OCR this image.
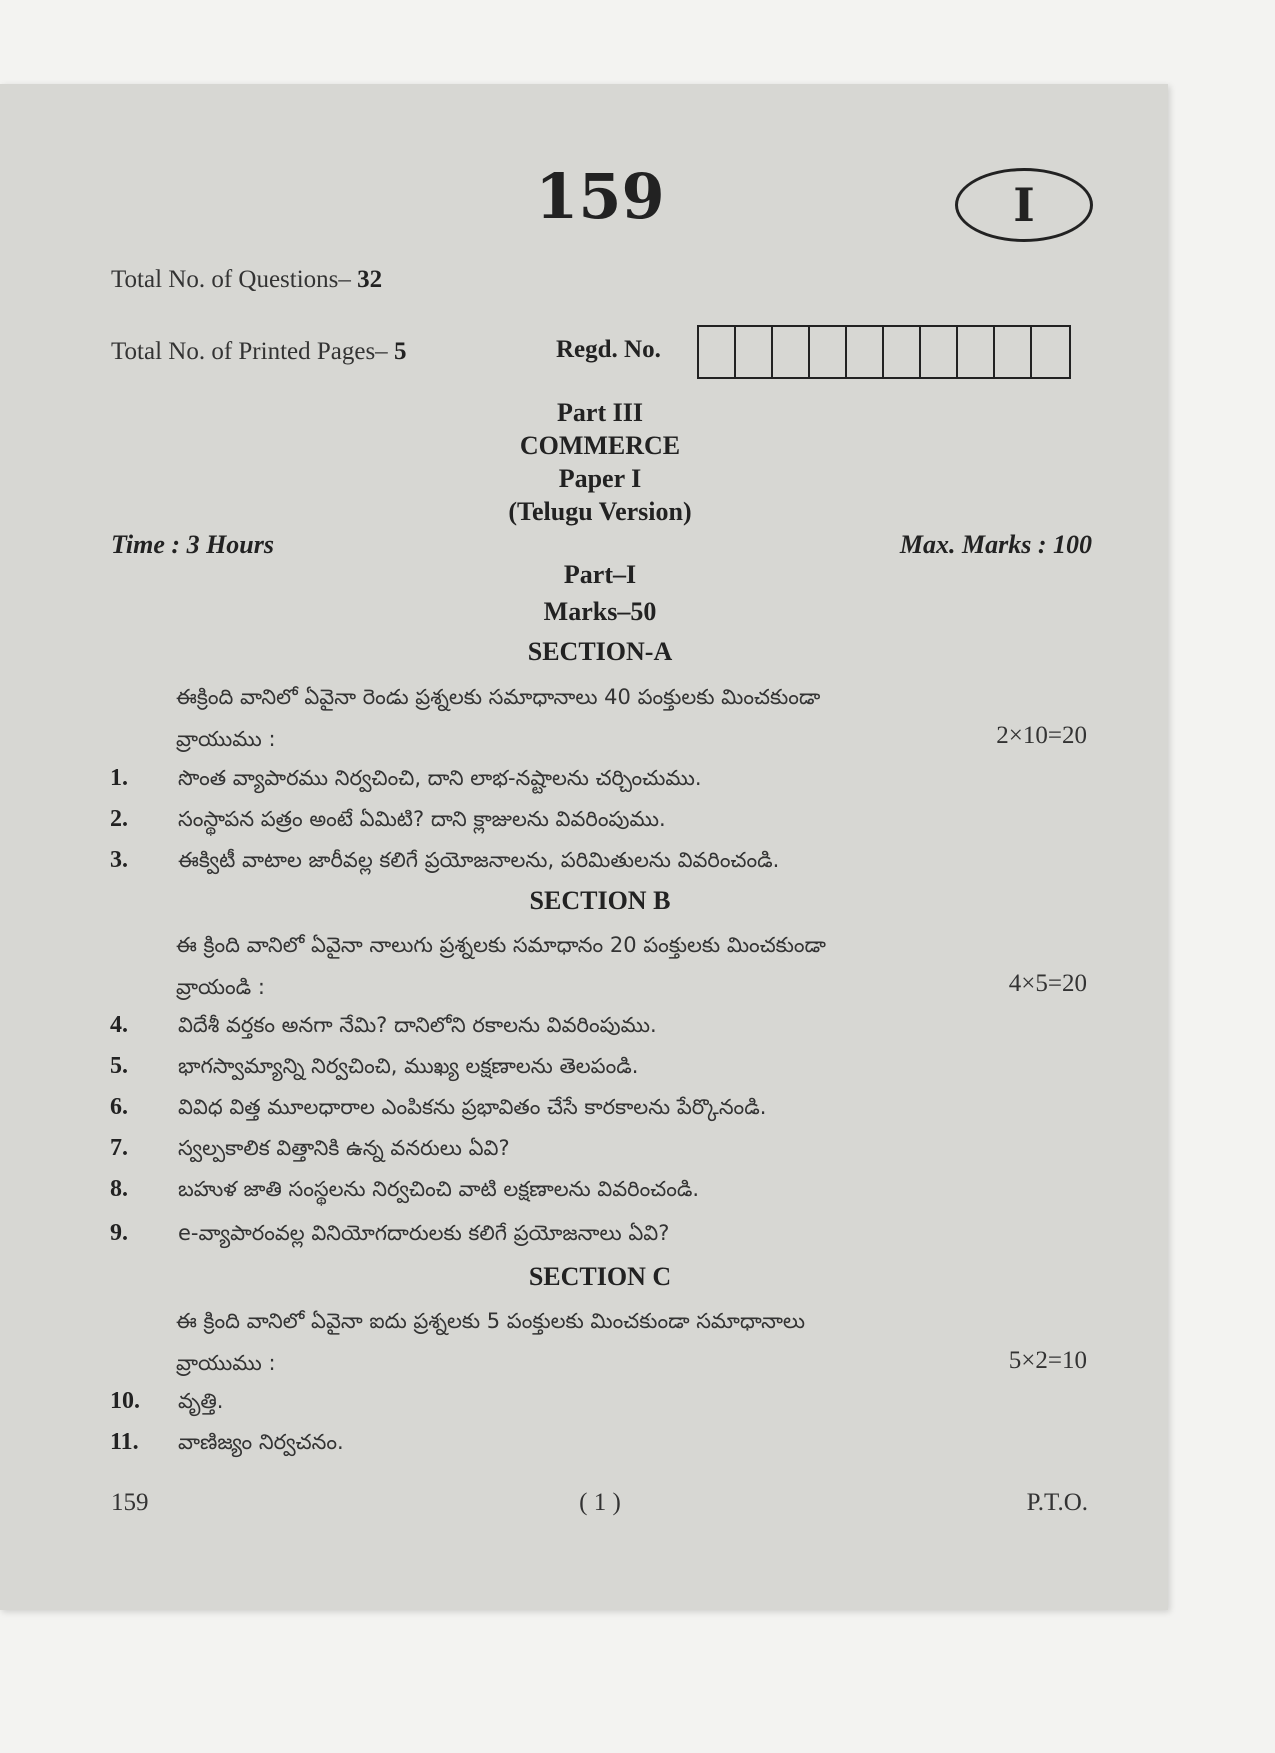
159	I
Total No. of Questions– 32
Total No. of Printed Pages– 5	Regd. No.
Part III
COMMERCE
Paper I
(Telugu Version)
Time : 3 Hours	Max. Marks : 100
Part–I
Marks–50
SECTION-A
ఈక్రింది వానిలో ఏవైనా రెండు ప్రశ్నలకు సమాధానాలు 40 పంక్తులకు మించకుండా
వ్రాయుము :	2×10=20
1.	సొంత వ్యాపారము నిర్వచించి, దాని లాభ-నష్టాలను చర్చించుము.
2.	సంస్థాపన పత్రం అంటే ఏమిటి? దాని క్లాజులను వివరింపుము.
3.	ఈక్విటీ వాటాల జారీవల్ల కలిగే ప్రయోజనాలను, పరిమితులను వివరించండి.
SECTION B
ఈ క్రింది వానిలో ఏవైనా నాలుగు ప్రశ్నలకు సమాధానం 20 పంక్తులకు మించకుండా
వ్రాయండి :	4×5=20
4.	విదేశీ వర్తకం అనగా నేమి? దానిలోని రకాలను వివరింపుము.
5.	భాగస్వామ్యాన్ని నిర్వచించి, ముఖ్య లక్షణాలను తెలపండి.
6.	వివిధ విత్త మూలధారాల ఎంపికను ప్రభావితం చేసే కారకాలను పేర్కొనండి.
7.	స్వల్పకాలిక విత్తానికి ఉన్న వనరులు ఏవి?
8.	బహుళ జాతి సంస్థలను నిర్వచించి వాటి లక్షణాలను వివరించండి.
9.	e-వ్యాపారంవల్ల వినియోగదారులకు కలిగే ప్రయోజనాలు ఏవి?
SECTION C
ఈ క్రింది వానిలో ఏవైనా ఐదు ప్రశ్నలకు 5 పంక్తులకు మించకుండా సమాధానాలు
వ్రాయుము :	5×2=10
10.	వృత్తి.
11.	వాణిజ్యం నిర్వచనం.
159	( 1 )	P.T.O.
